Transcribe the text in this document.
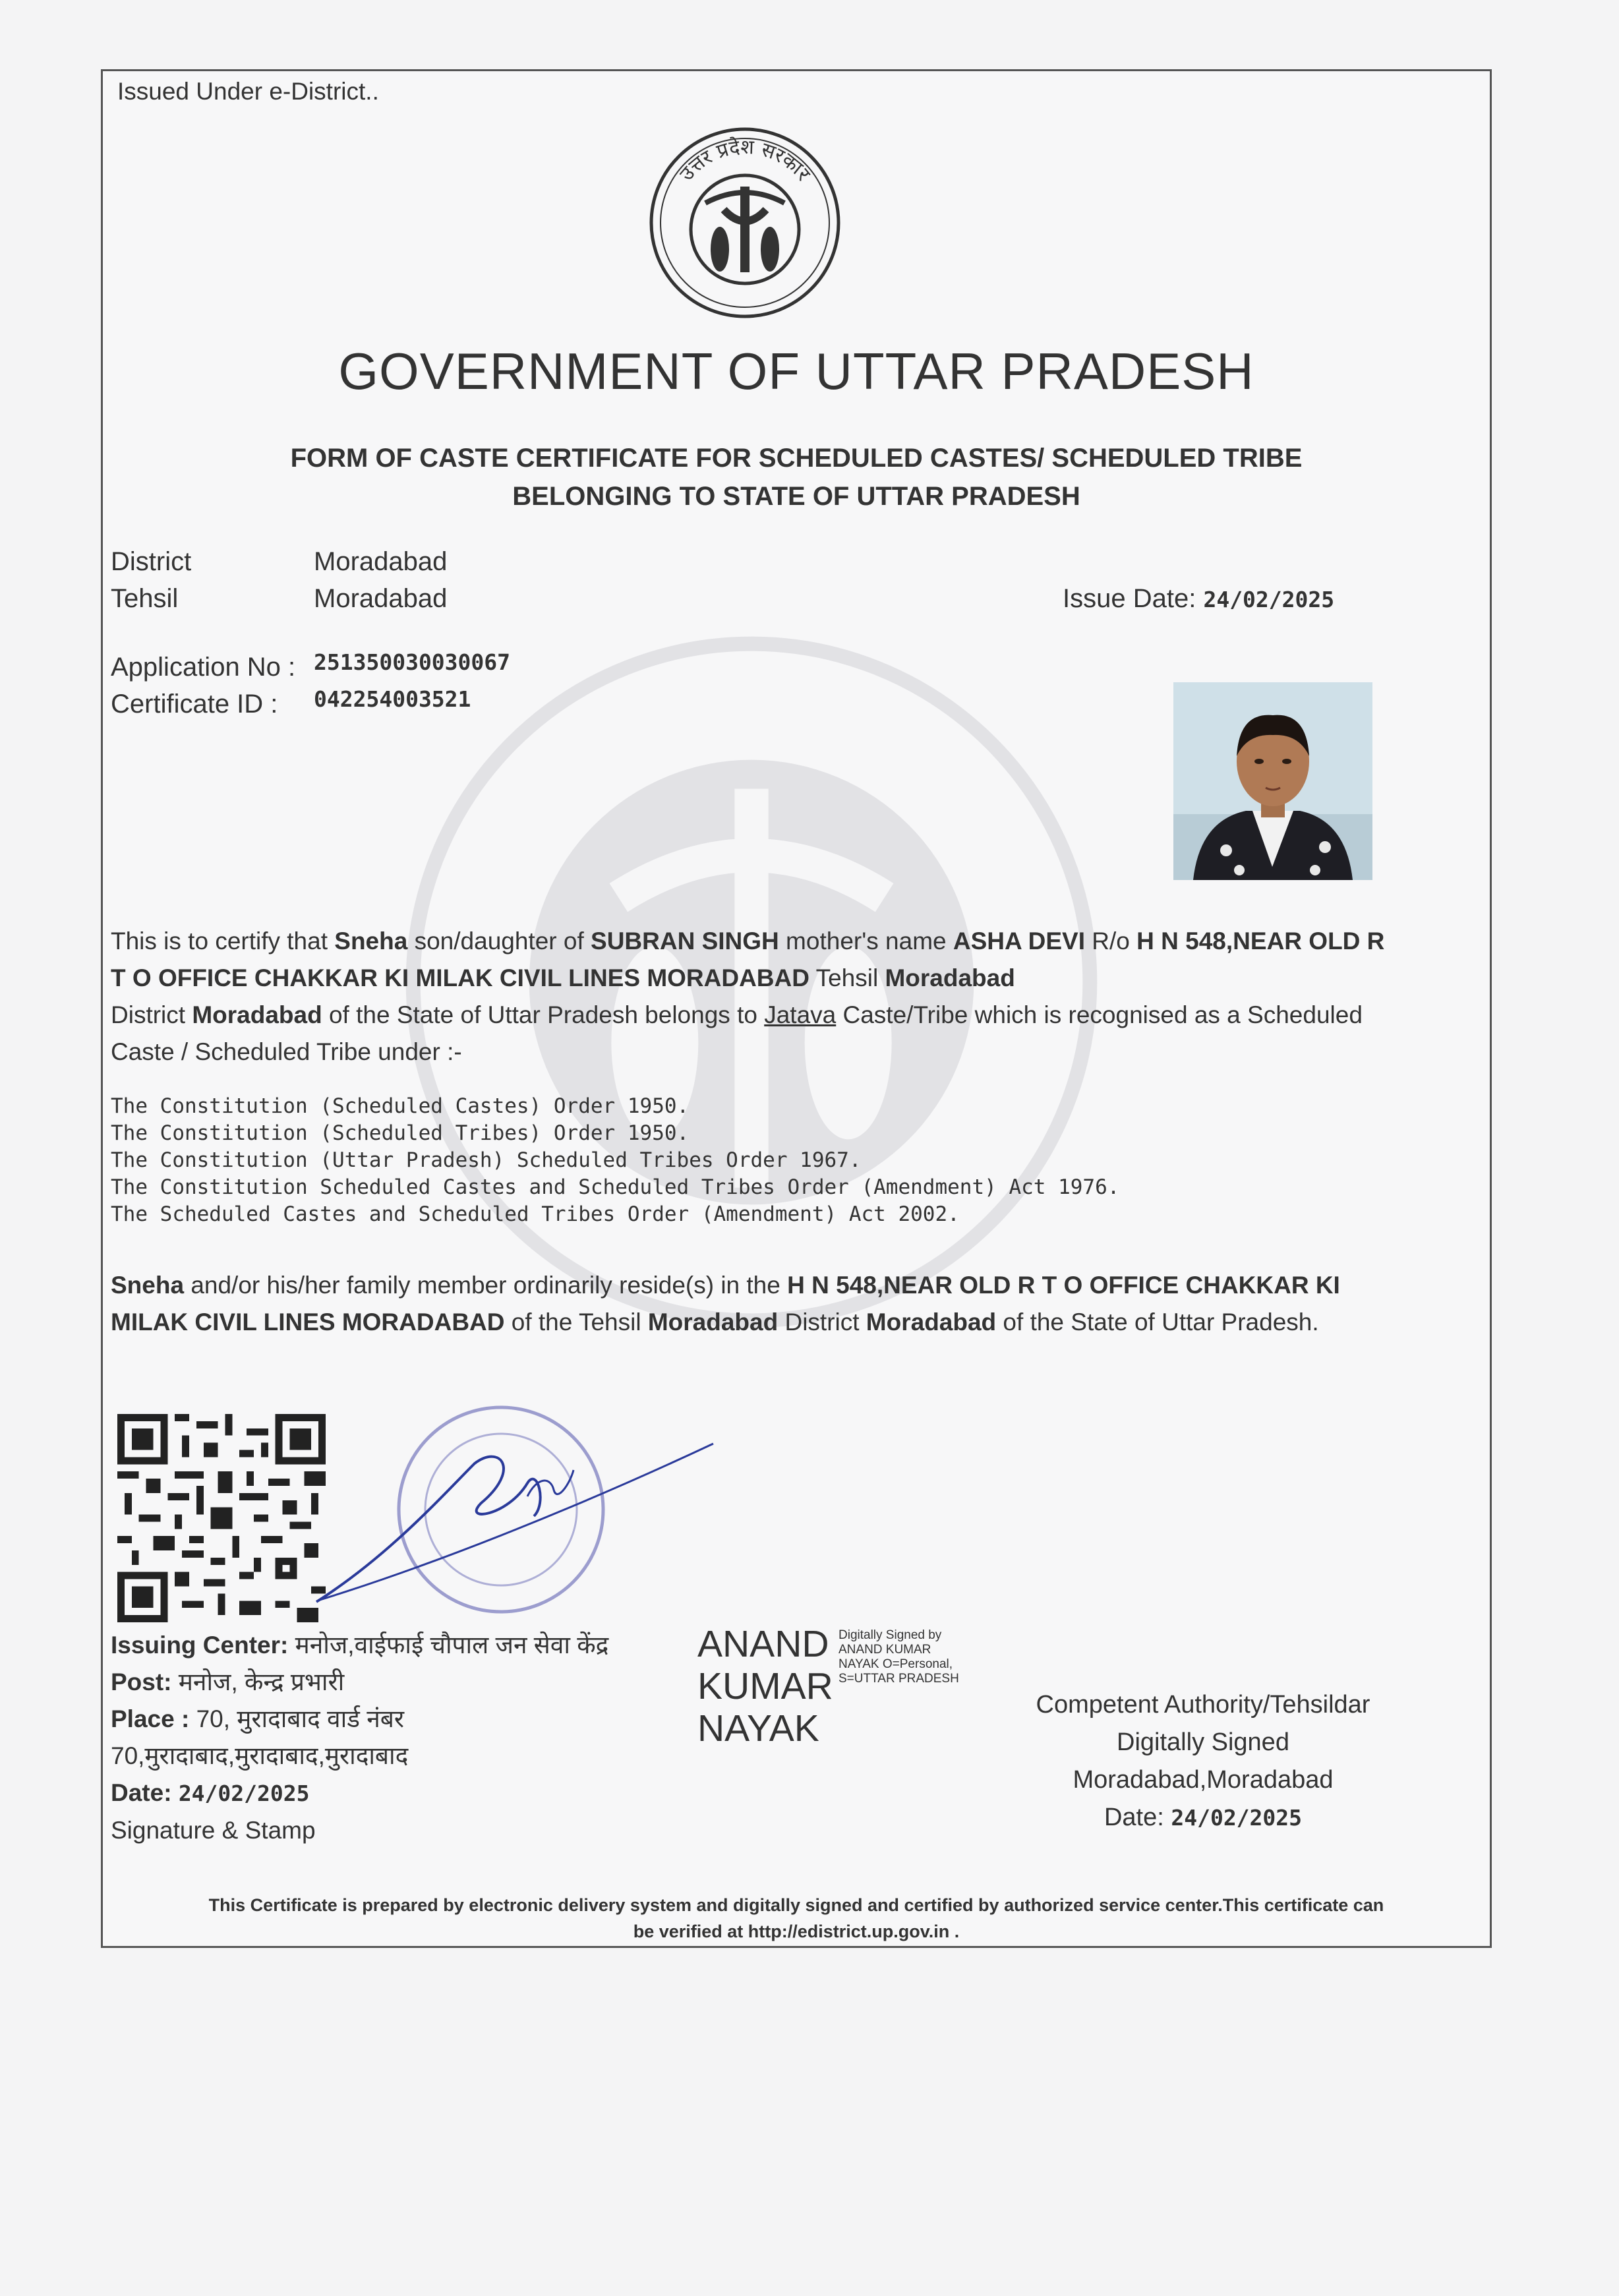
Issued Under e-District..
उत्तर प्रदेश सरकार
GOVERNMENT OF UTTAR PRADESH
FORM OF CASTE CERTIFICATE FOR SCHEDULED CASTES/ SCHEDULED TRIBE
BELONGING TO STATE OF UTTAR PRADESH
District	Moradabad
Tehsil	Moradabad	Issue Date: 24/02/2025
Application No : 251350030030067
Certificate ID : 042254003521
This is to certify that Sneha son/daughter of SUBRAN SINGH mother's name ASHA DEVI R/o H N 548,NEAR OLD R T O OFFICE CHAKKAR KI MILAK CIVIL LINES MORADABAD Tehsil Moradabad
District Moradabad of the State of Uttar Pradesh belongs to Jatava Caste/Tribe which is recognised as a Scheduled Caste / Scheduled Tribe under :-
The Constitution (Scheduled Castes) Order 1950.
The Constitution (Scheduled Tribes) Order 1950.
The Constitution (Uttar Pradesh) Scheduled Tribes Order 1967.
The Constitution Scheduled Castes and Scheduled Tribes Order (Amendment) Act 1976.
The Scheduled Castes and Scheduled Tribes Order (Amendment) Act 2002.
Sneha and/or his/her family member ordinarily reside(s) in the H N 548,NEAR OLD R T O OFFICE CHAKKAR KI MILAK CIVIL LINES MORADABAD of the Tehsil Moradabad District Moradabad of the State of Uttar Pradesh.
Issuing Center: मनोज,वाईफाई चौपाल जन सेवा केंद्र
Post: मनोज, केन्द्र प्रभारी
Place : 70, मुरादाबाद वार्ड नंबर
70,मुरादाबाद,मुरादाबाद,मुरादाबाद
Date: 24/02/2025
Signature & Stamp
ANAND
KUMAR
NAYAK
Digitally Signed by
ANAND KUMAR
NAYAK O=Personal,
S=UTTAR PRADESH
Competent Authority/Tehsildar
Digitally Signed
Moradabad,Moradabad
Date: 24/02/2025
This Certificate is prepared by electronic delivery system and digitally signed and certified by authorized service center.This certificate can
be verified at http://edistrict.up.gov.in .
